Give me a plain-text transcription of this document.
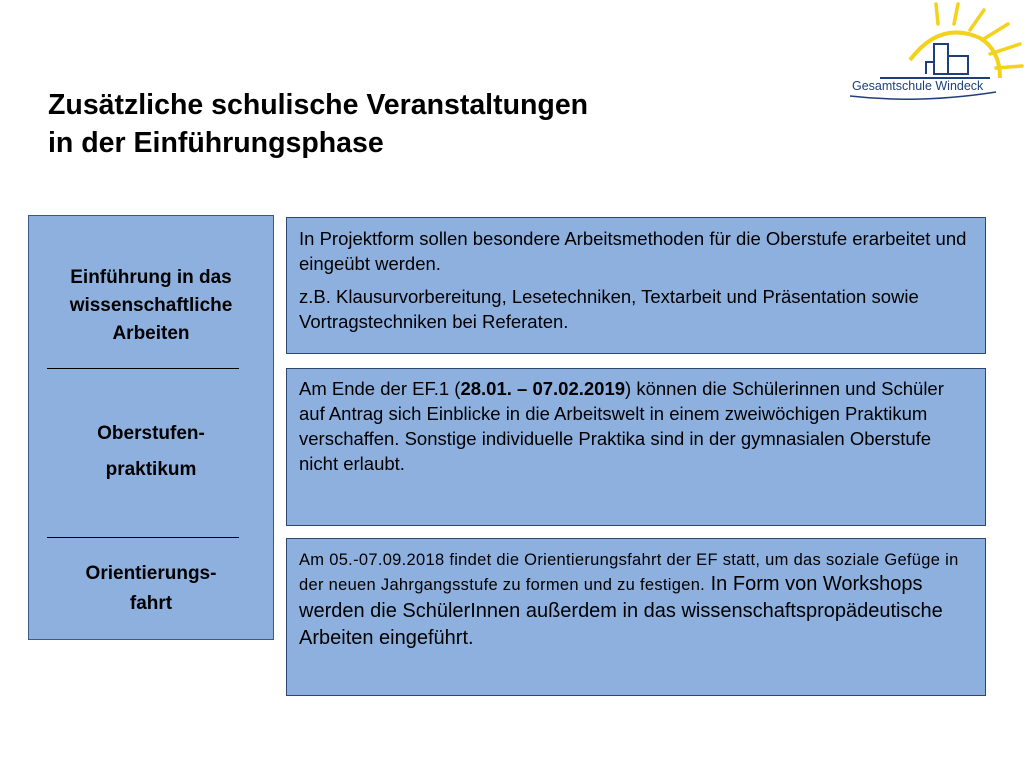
Gesamtschule Windeck
Zusätzliche schulische Veranstaltungen
in der Einführungsphase
Einführung in das
wissenschaftliche
Arbeiten
Oberstufen-
praktikum
Orientierungs-
fahrt

In Projektform sollen besondere Arbeitsmethoden für die Oberstufe erarbeitet und eingeübt werden.

z.B. Klausurvorbereitung, Lesetechniken, Textarbeit und Präsentation sowie Vortragstechniken bei Referaten.

Am Ende der EF.1 (28.01. – 07.02.2019) können die Schülerinnen und Schüler auf Antrag sich Einblicke in die Arbeitswelt in einem zweiwöchigen Praktikum verschaffen. Sonstige individuelle Praktika sind in der gymnasialen Oberstufe nicht erlaubt.

Am 05.-07.09.2018 findet die Orientierungsfahrt der EF statt, um das soziale Gefüge in der neuen Jahrgangsstufe zu formen und zu festigen. In Form von Workshops werden die SchülerInnen außerdem in das wissenschaftspropädeutische Arbeiten eingeführt.
